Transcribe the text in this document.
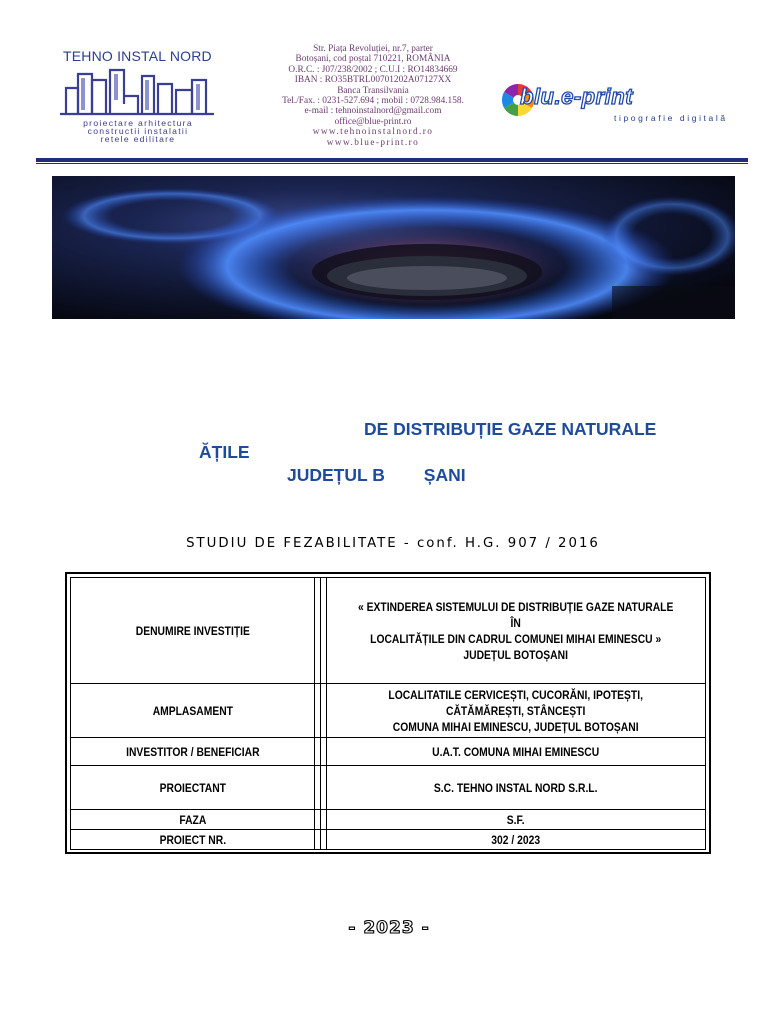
TEHNO INSTAL NORD
proiectare arhitectura
constructii instalatii
retele edilitare
Str. Piața Revoluției, nr.7, parter
Botoșani, cod poștal 710221, ROMÂNIA
O.R.C. : J07/238/2002 ; C.U.I : RO14834669
IBAN : RO35BTRL00701202A07127XX
Banca Transilvania
Tel./Fax. : 0231-527.694 ; mobil : 0728.984.158.
e-mail : tehnoinstalnord@gmail.com
office@blue-print.ro
www.tehnoinstalnord.ro
www.blue-print.ro
blu.e-print
tipografie digitală
DE DISTRIBUȚIE GAZE NATURALE
ĂȚILE
JUDEȚUL B        ȘANI
STUDIU DE FEZABILITATE - conf. H.G. 907 / 2016
DENUMIRE INVESTIȚIE			« EXTINDEREA SISTEMULUI DE DISTRIBUȚIE GAZE NATURALE ÎN
LOCALITĂȚILE DIN CADRUL COMUNEI MIHAI EMINESCU »
JUDEȚUL BOTOȘANI

AMPLASAMENT			LOCALITATILE CERVICEȘTI, CUCORĂNI, IPOTEȘTI,
CĂTĂMĂREȘTI, STÂNCEȘTI
COMUNA MIHAI EMINESCU, JUDEȚUL BOTOȘANI

INVESTITOR / BENEFICIAR			U.A.T. COMUNA MIHAI EMINESCU
PROIECTANT			S.C. TEHNO INSTAL NORD S.R.L.
FAZA			S.F.
PROIECT NR.			302 / 2023
- 2023 -
